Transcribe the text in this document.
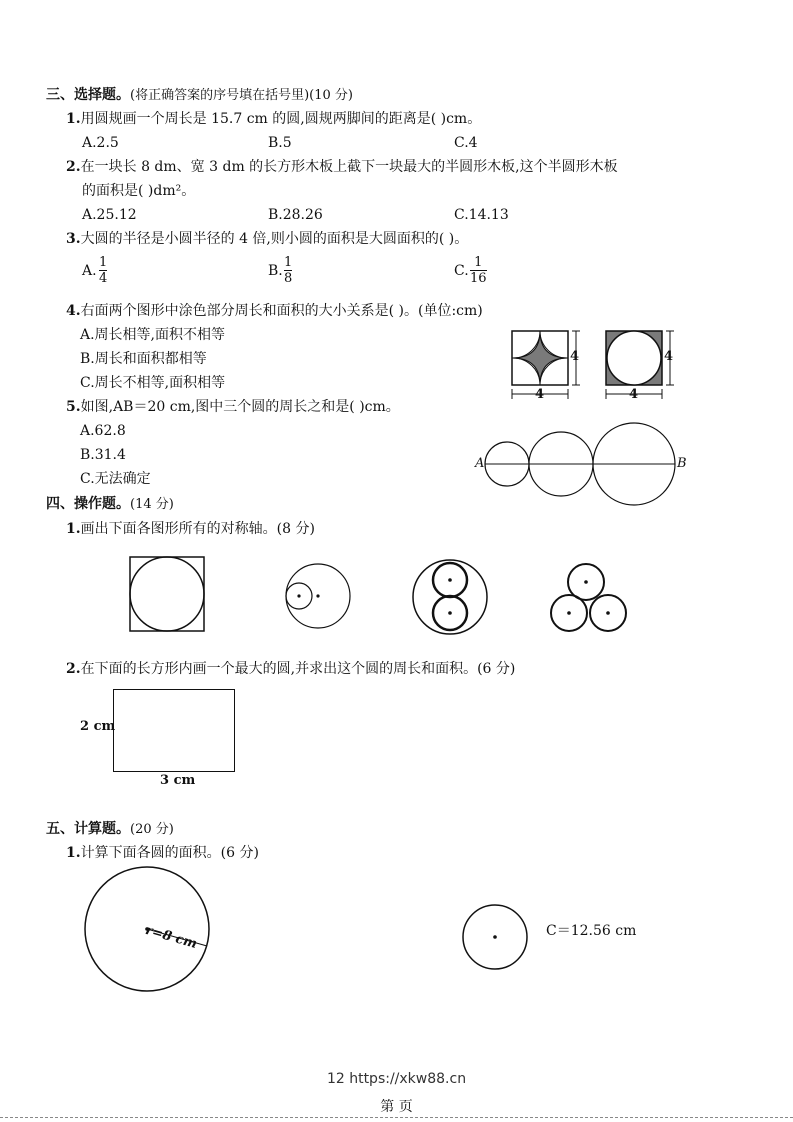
三、选择题。(将正确答案的序号填在括号里)(10 分)
1.用圆规画一个周长是 15.7 cm 的圆,圆规两脚间的距离是( )cm。
A.2.5	B.5	C.4
2.在一块长 8 dm、宽 3 dm 的长方形木板上截下一块最大的半圆形木板,这个半圆形木板
的面积是( )dm²。
A.25.12	B.28.26	C.14.13
3.大圆的半径是小圆半径的 4 倍,则小圆的面积是大圆面积的( )。
A.
1
4	B.
1
8	C.
1
16
4.右面两个图形中涂色部分周长和面积的大小关系是( )。(单位:cm)
A.周长相等,面积不相等
B.周长和面积都相等
C.周长不相等,面积相等
4
4
4
4
5.如图,AB＝20 cm,图中三个圆的周长之和是( )cm。
A.62.8
B.31.4
C.无法确定
A	B
四、操作题。(14 分)
1.画出下面各图形所有的对称轴。(8 分)
2.在下面的长方形内画一个最大的圆,并求出这个圆的周长和面积。(6 分)
2 cm
3 cm
五、计算题。(20 分)
1.计算下面各圆的面积。(6 分)
r=8 cm	C＝12.56 cm
12 https://xkw88.cn
第 页
